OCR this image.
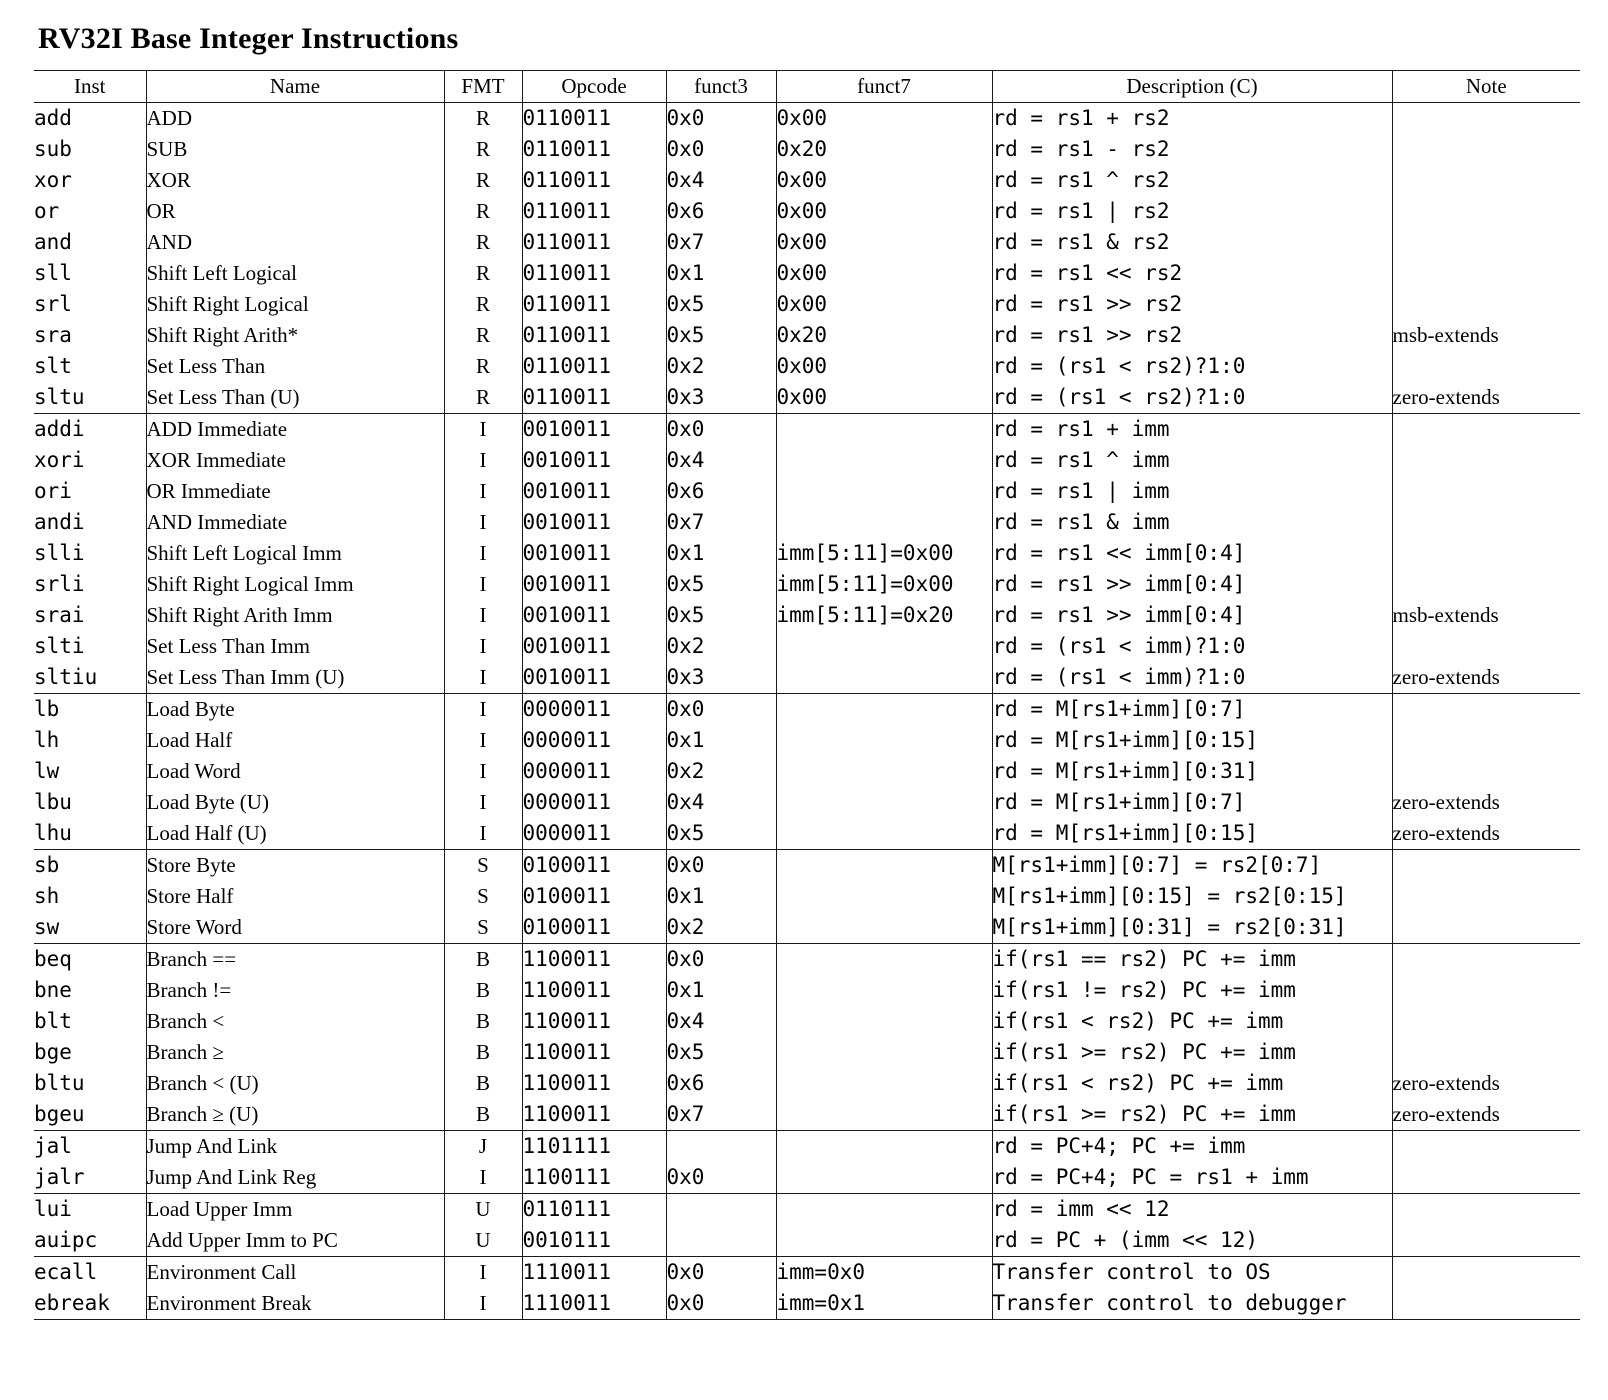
RV32I Base Integer Instructions
Inst	Name	FMT	Opcode	funct3	funct7	Description (C)	Note
add	ADD	R	0110011	0x0	0x00	rd = rs1 + rs2	
sub	SUB	R	0110011	0x0	0x20	rd = rs1 - rs2	
xor	XOR	R	0110011	0x4	0x00	rd = rs1 ^ rs2	
or	OR	R	0110011	0x6	0x00	rd = rs1 | rs2	
and	AND	R	0110011	0x7	0x00	rd = rs1 & rs2	
sll	Shift Left Logical	R	0110011	0x1	0x00	rd = rs1 << rs2	
srl	Shift Right Logical	R	0110011	0x5	0x00	rd = rs1 >> rs2	
sra	Shift Right Arith*	R	0110011	0x5	0x20	rd = rs1 >> rs2	msb-extends
slt	Set Less Than	R	0110011	0x2	0x00	rd = (rs1 < rs2)?1:0	
sltu	Set Less Than (U)	R	0110011	0x3	0x00	rd = (rs1 < rs2)?1:0	zero-extends
addi	ADD Immediate	I	0010011	0x0		rd = rs1 + imm	
xori	XOR Immediate	I	0010011	0x4		rd = rs1 ^ imm	
ori	OR Immediate	I	0010011	0x6		rd = rs1 | imm	
andi	AND Immediate	I	0010011	0x7		rd = rs1 & imm	
slli	Shift Left Logical Imm	I	0010011	0x1	imm[5:11]=0x00	rd = rs1 << imm[0:4]	
srli	Shift Right Logical Imm	I	0010011	0x5	imm[5:11]=0x00	rd = rs1 >> imm[0:4]	
srai	Shift Right Arith Imm	I	0010011	0x5	imm[5:11]=0x20	rd = rs1 >> imm[0:4]	msb-extends
slti	Set Less Than Imm	I	0010011	0x2		rd = (rs1 < imm)?1:0	
sltiu	Set Less Than Imm (U)	I	0010011	0x3		rd = (rs1 < imm)?1:0	zero-extends
lb	Load Byte	I	0000011	0x0		rd = M[rs1+imm][0:7]	
lh	Load Half	I	0000011	0x1		rd = M[rs1+imm][0:15]	
lw	Load Word	I	0000011	0x2		rd = M[rs1+imm][0:31]	
lbu	Load Byte (U)	I	0000011	0x4		rd = M[rs1+imm][0:7]	zero-extends
lhu	Load Half (U)	I	0000011	0x5		rd = M[rs1+imm][0:15]	zero-extends
sb	Store Byte	S	0100011	0x0		M[rs1+imm][0:7] = rs2[0:7]	
sh	Store Half	S	0100011	0x1		M[rs1+imm][0:15] = rs2[0:15]	
sw	Store Word	S	0100011	0x2		M[rs1+imm][0:31] = rs2[0:31]	
beq	Branch ==	B	1100011	0x0		if(rs1 == rs2) PC += imm	
bne	Branch !=	B	1100011	0x1		if(rs1 != rs2) PC += imm	
blt	Branch <	B	1100011	0x4		if(rs1 < rs2) PC += imm	
bge	Branch ≥	B	1100011	0x5		if(rs1 >= rs2) PC += imm	
bltu	Branch < (U)	B	1100011	0x6		if(rs1 < rs2) PC += imm	zero-extends
bgeu	Branch ≥ (U)	B	1100011	0x7		if(rs1 >= rs2) PC += imm	zero-extends
jal	Jump And Link	J	1101111			rd = PC+4; PC += imm	
jalr	Jump And Link Reg	I	1100111	0x0		rd = PC+4; PC = rs1 + imm	
lui	Load Upper Imm	U	0110111			rd = imm << 12	
auipc	Add Upper Imm to PC	U	0010111			rd = PC + (imm << 12)	
ecall	Environment Call	I	1110011	0x0	imm=0x0	Transfer control to OS	
ebreak	Environment Break	I	1110011	0x0	imm=0x1	Transfer control to debugger	
